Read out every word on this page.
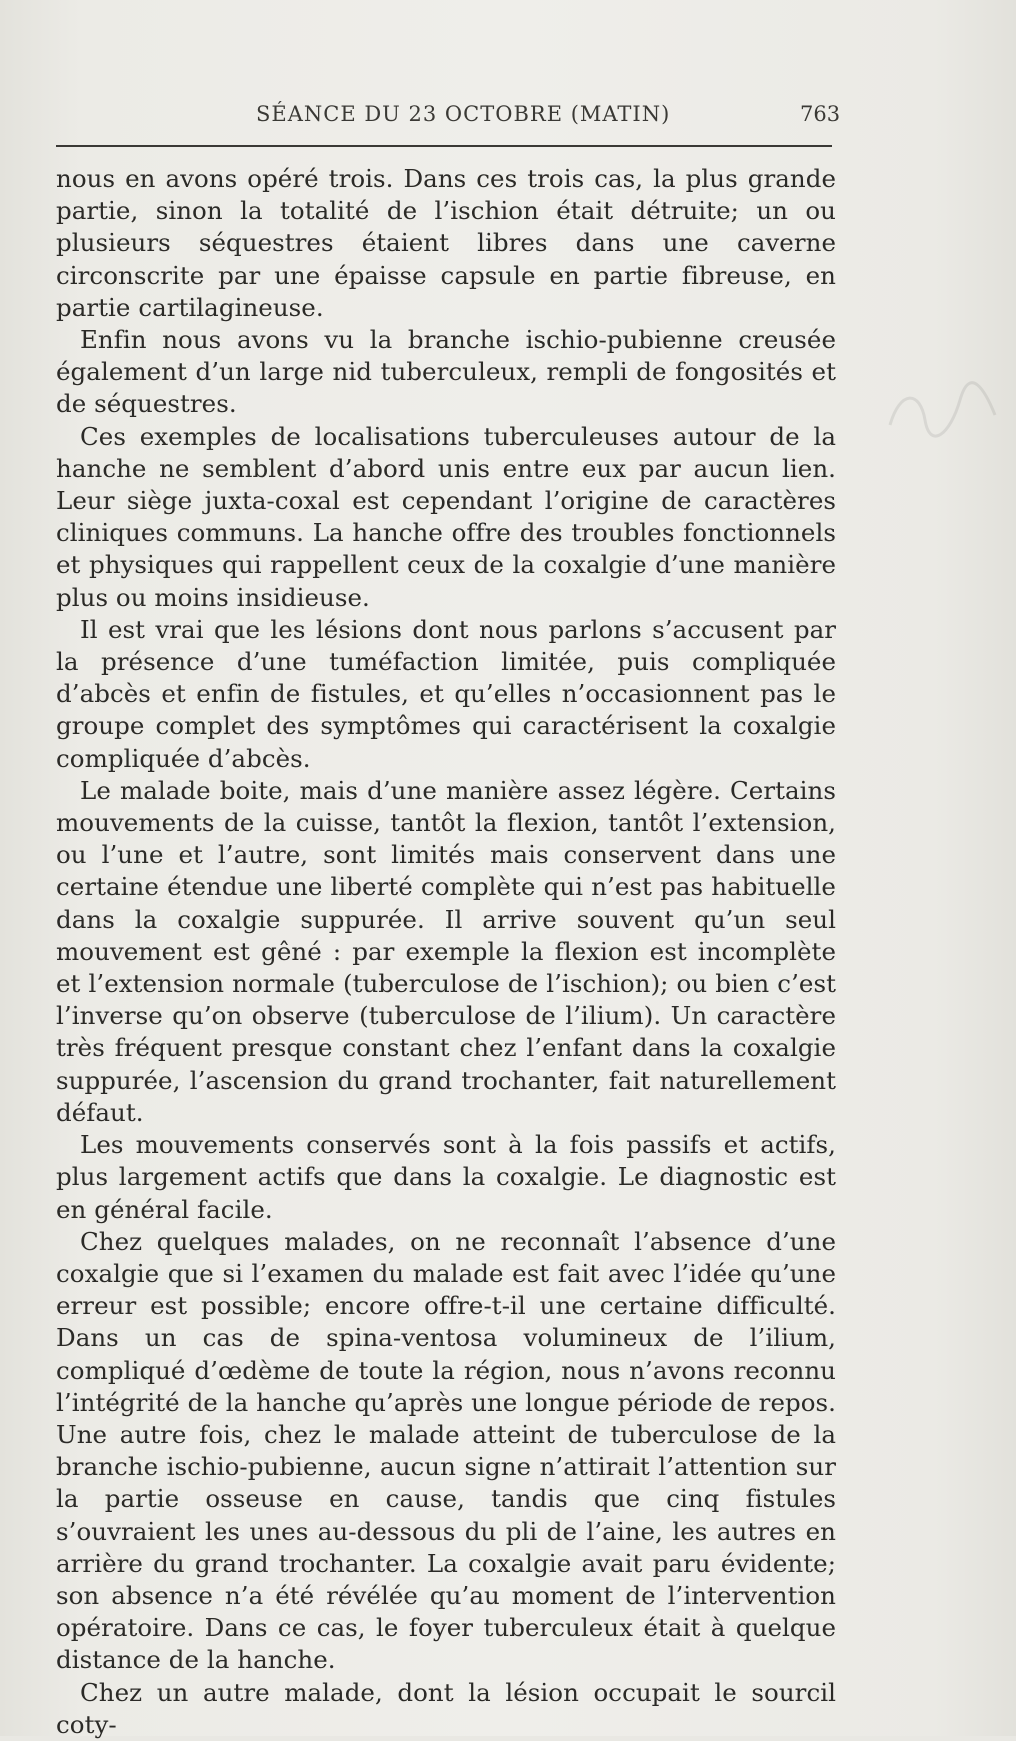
SÉANCE DU 23 OCTOBRE (MATIN)	763

nous en avons opéré trois. Dans ces trois cas, la plus grande partie, sinon la totalité de l’ischion était détruite; un ou plusieurs séquestres étaient libres dans une caverne circonscrite par une épaisse capsule en partie fibreuse, en partie cartilagineuse.

Enfin nous avons vu la branche ischio-pubienne creusée également d’un large nid tuberculeux, rempli de fongosités et de séquestres.

Ces exemples de localisations tuberculeuses autour de la hanche ne semblent d’abord unis entre eux par aucun lien. Leur siège juxta-coxal est cependant l’origine de caractères cliniques communs. La hanche offre des troubles fonctionnels et physiques qui rappellent ceux de la coxalgie d’une manière plus ou moins insidieuse.

Il est vrai que les lésions dont nous parlons s’accusent par la présence d’une tuméfaction limitée, puis compliquée d’abcès et enfin de fistules, et qu’elles n’occasionnent pas le groupe complet des symptômes qui caractérisent la coxalgie compliquée d’abcès.

Le malade boite, mais d’une manière assez légère. Certains mouvements de la cuisse, tantôt la flexion, tantôt l’extension, ou l’une et l’autre, sont limités mais conservent dans une certaine étendue une liberté complète qui n’est pas habituelle dans la coxalgie suppurée. Il arrive souvent qu’un seul mouvement est gêné : par exemple la flexion est incomplète et l’extension normale (tuberculose de l’ischion); ou bien c’est l’inverse qu’on observe (tuberculose de l’ilium). Un caractère très fréquent presque constant chez l’enfant dans la coxalgie suppurée, l’ascension du grand trochanter, fait naturellement défaut.

Les mouvements conservés sont à la fois passifs et actifs, plus largement actifs que dans la coxalgie. Le diagnostic est en général facile.

Chez quelques malades, on ne reconnaît l’absence d’une coxalgie que si l’examen du malade est fait avec l’idée qu’une erreur est possible; encore offre-t-il une certaine difficulté. Dans un cas de spina-ventosa volumineux de l’ilium, compliqué d’œdème de toute la région, nous n’avons reconnu l’intégrité de la hanche qu’après une longue période de repos. Une autre fois, chez le malade atteint de tuberculose de la branche ischio-pubienne, aucun signe n’attirait l’attention sur la partie osseuse en cause, tandis que cinq fistules s’ouvraient les unes au-dessous du pli de l’aine, les autres en arrière du grand trochanter. La coxalgie avait paru évidente; son absence n’a été révélée qu’au moment de l’intervention opératoire. Dans ce cas, le foyer tuberculeux était à quelque distance de la hanche.

Chez un autre malade, dont la lésion occupait le sourcil coty-
